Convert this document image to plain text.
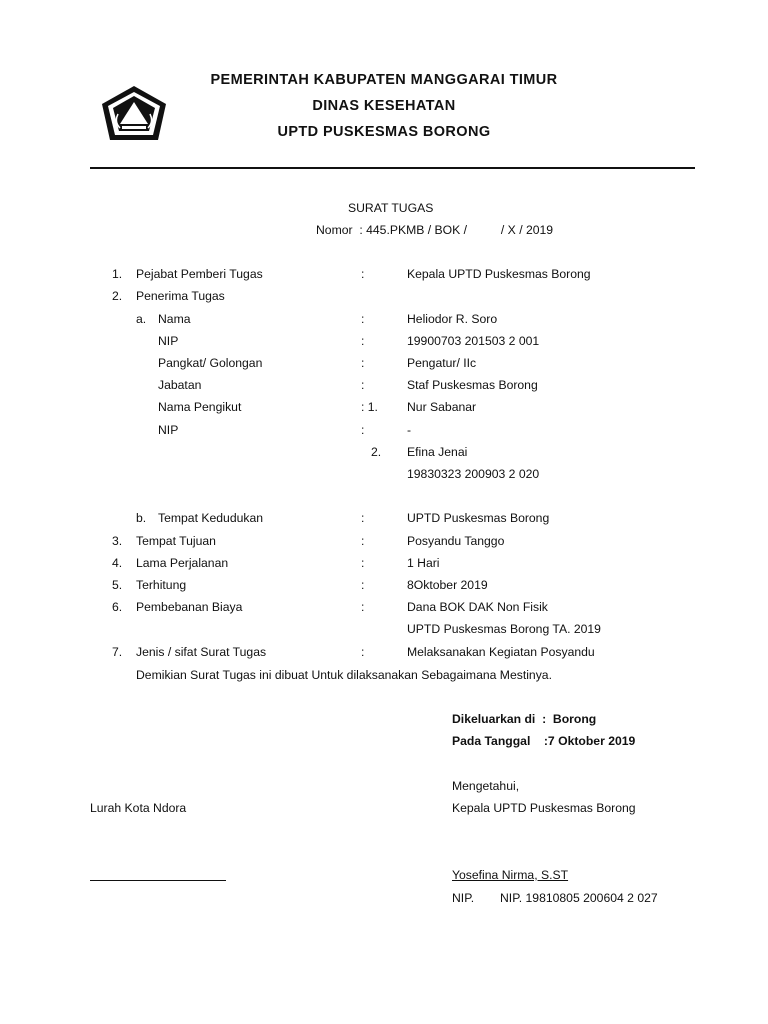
PEMERINTAH KABUPATEN MANGGARAI TIMUR
DINAS KESEHATAN
UPTD PUSKESMAS BORONG
SURAT TUGAS
Nomor  : 445.PKMB / BOK /          / X / 2019
1. Pejabat Pemberi Tugas	:	Kepala UPTD Puskesmas Borong
2. Penerima Tugas
a. Nama	:	Heliodor R. Soro
NIP	:	19900703 201503 2 001
Pangkat/ Golongan	:	Pengatur/ IIc
Jabatan	:	Staf Puskesmas Borong
Nama Pengikut	: 1. Nur Sabanar
NIP	:	-
2. Efina Jenai
19830323 200903 2 020
b. Tempat Kedudukan	:	UPTD Puskesmas Borong
3. Tempat Tujuan	:	Posyandu Tanggo
4. Lama Perjalanan	:	1 Hari
5. Terhitung	:	8Oktober 2019
6. Pembebanan Biaya	:	Dana BOK DAK Non Fisik
UPTD Puskesmas Borong TA. 2019
7. Jenis / sifat Surat Tugas	:	Melaksanakan Kegiatan Posyandu
Demikian Surat Tugas ini dibuat Untuk dilaksanakan Sebagaimana Mestinya.
Dikeluarkan di  :  Borong
Pada Tanggal    :7 Oktober 2019
Mengetahui,
Lurah Kota Ndora	Kepala UPTD Puskesmas Borong
Yosefina Nirma, S.ST
NIP. NIP. 19810805 200604 2 027
